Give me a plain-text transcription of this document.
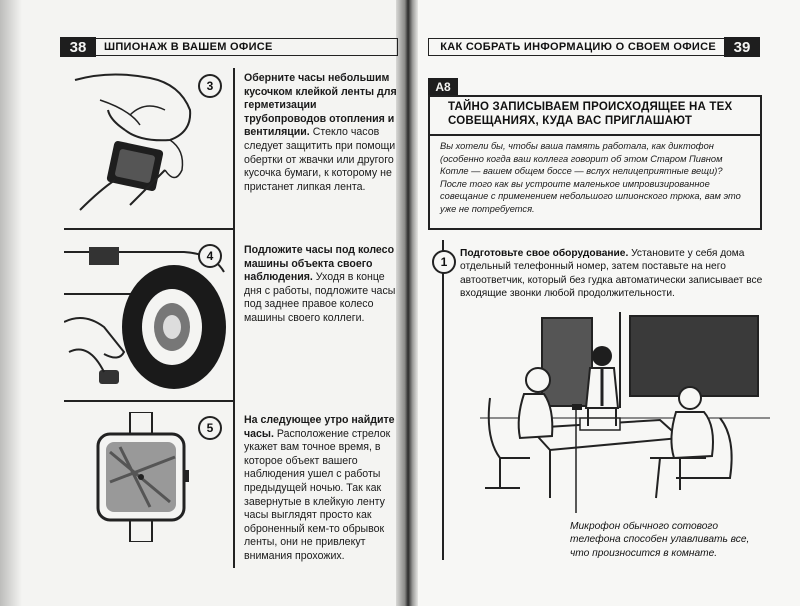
38	ШПИОНАЖ В ВАШЕМ ОФИСЕ	КАК СОБРАТЬ ИНФОРМАЦИЮ О СВОЕМ ОФИСЕ	39
3
4
5
Оберните часы небольшим кусочком клейкой ленты для герметизации трубопроводов отопления и вентиляции. Стекло часов следует защитить при помощи обертки от жвачки или другого кусочка бумаги, к которому не пристанет липкая лента.
Подложите часы под колесо машины объекта своего наблюдения. Уходя в конце дня с работы, подложите часы под заднее правое колесо машины своего коллеги.
На следующее утро найдите часы. Расположение стрелок укажет вам точное время, в которое объект вашего наблюдения ушел с работы предыдущей ночью. Так как завернутые в клейкую ленту часы выглядят просто как оброненный кем-то обрывок ленты, они не привлекут внимания прохожих.
A8
ТАЙНО ЗАПИСЫВАЕМ ПРОИСХОДЯЩЕЕ НА ТЕХ СОВЕЩАНИЯХ, КУДА ВАС ПРИГЛАШАЮТ
Вы хотели бы, чтобы ваша память работала, как диктофон (особенно когда ваш коллега говорит об этом Старом Пивном Котле — вашем общем боссе — вслух нелицеприятные вещи)? После того как вы устроите маленькое импровизированное совещание с применением небольшого шпионского трюка, вам это уже не потребуется.
1
Подготовьте свое оборудование. Установите у себя дома отдельный телефонный номер, затем поставьте на него автоответчик, который без гудка автоматически записывает все входящие звонки любой продолжительности.
Микрофон обычного сотового телефона способен улавливать все, что произносится в комнате.
